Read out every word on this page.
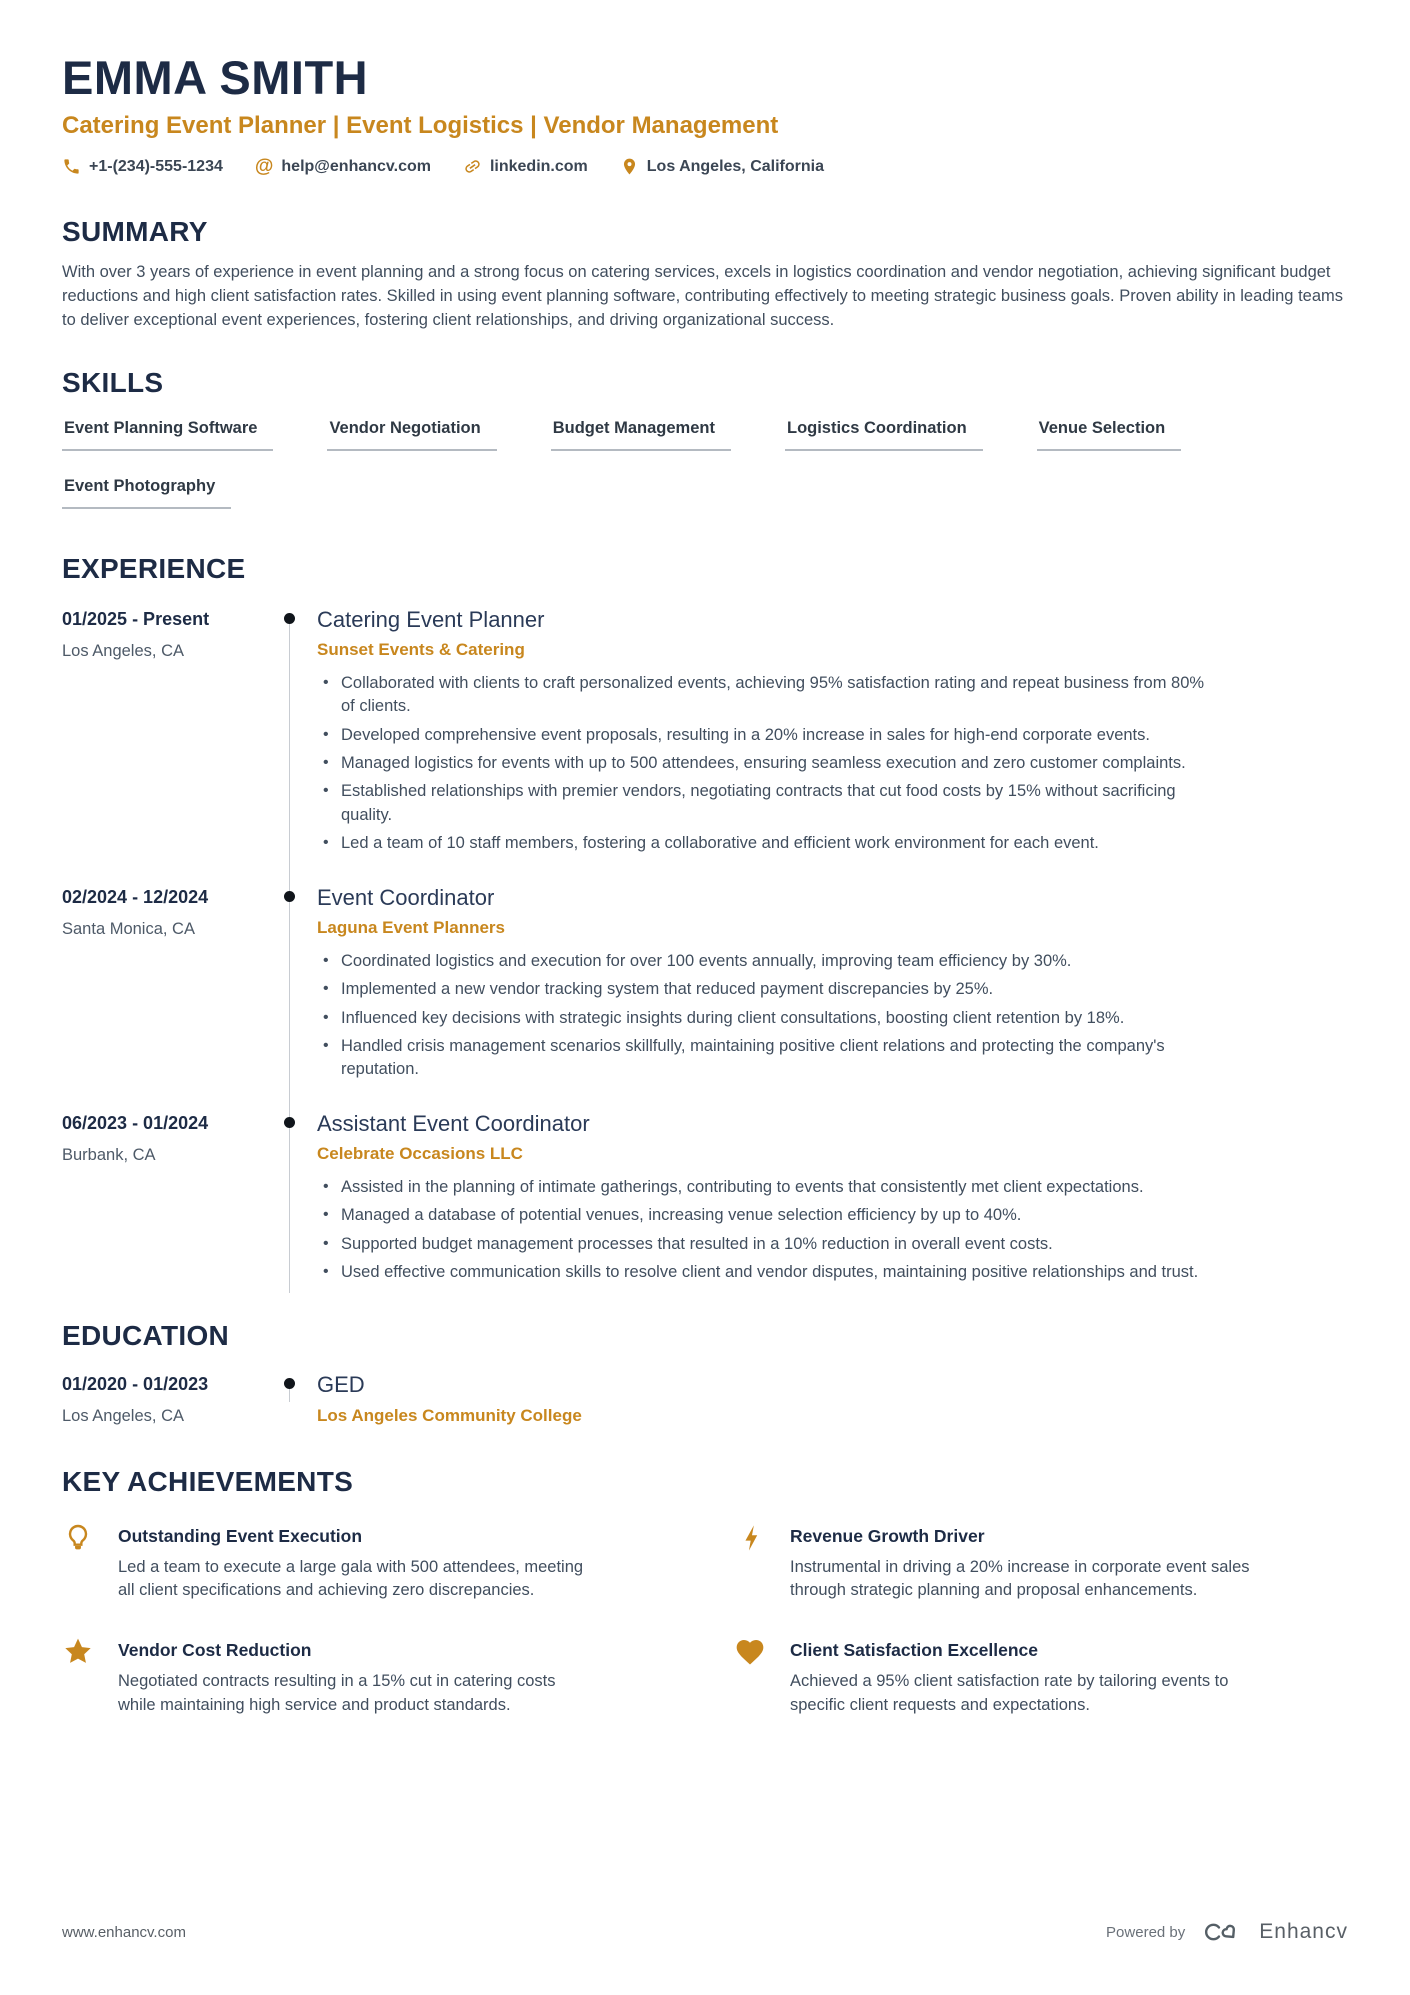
EMMA SMITH
Catering Event Planner | Event Logistics | Vendor Management
+1-(234)-555-1234 @ help@enhancv.com	linkedin.com	Los Angeles, California
SUMMARY

With over 3 years of experience in event planning and a strong focus on catering services, excels in logistics coordination and vendor negotiation, achieving significant budget reductions and high client satisfaction rates. Skilled in using event planning software, contributing effectively to meeting strategic business goals. Proven ability in leading teams to deliver exceptional event experiences, fostering client relationships, and driving organizational success.

SKILLS
Event Planning Software	Vendor Negotiation	Budget Management	Logistics Coordination	Venue Selection
Event Photography
EXPERIENCE
01/2025 - Present
Los Angeles, CA
Catering Event Planner
Sunset Events & Catering
• Collaborated with clients to craft personalized events, achieving 95% satisfaction rating and repeat business from 80% of clients.
• Developed comprehensive event proposals, resulting in a 20% increase in sales for high-end corporate events.
• Managed logistics for events with up to 500 attendees, ensuring seamless execution and zero customer complaints.
• Established relationships with premier vendors, negotiating contracts that cut food costs by 15% without sacrificing quality.
• Led a team of 10 staff members, fostering a collaborative and efficient work environment for each event.
02/2024 - 12/2024
Santa Monica, CA
Event Coordinator
Laguna Event Planners
• Coordinated logistics and execution for over 100 events annually, improving team efficiency by 30%.
• Implemented a new vendor tracking system that reduced payment discrepancies by 25%.
• Influenced key decisions with strategic insights during client consultations, boosting client retention by 18%.
• Handled crisis management scenarios skillfully, maintaining positive client relations and protecting the company's reputation.
06/2023 - 01/2024
Burbank, CA
Assistant Event Coordinator
Celebrate Occasions LLC
• Assisted in the planning of intimate gatherings, contributing to events that consistently met client expectations.
• Managed a database of potential venues, increasing venue selection efficiency by up to 40%.
• Supported budget management processes that resulted in a 10% reduction in overall event costs.
• Used effective communication skills to resolve client and vendor disputes, maintaining positive relationships and trust.
EDUCATION
01/2020 - 01/2023
Los Angeles, CA
GED
Los Angeles Community College
KEY ACHIEVEMENTS
Outstanding Event Execution

Led a team to execute a large gala with 500 attendees, meeting all client specifications and achieving zero discrepancies.

Revenue Growth Driver

Instrumental in driving a 20% increase in corporate event sales through strategic planning and proposal enhancements.

Vendor Cost Reduction

Negotiated contracts resulting in a 15% cut in catering costs while maintaining high service and product standards.

Client Satisfaction Excellence

Achieved a 95% client satisfaction rate by tailoring events to specific client requests and expectations.

www.enhancv.com	Powered by	Enhancv
